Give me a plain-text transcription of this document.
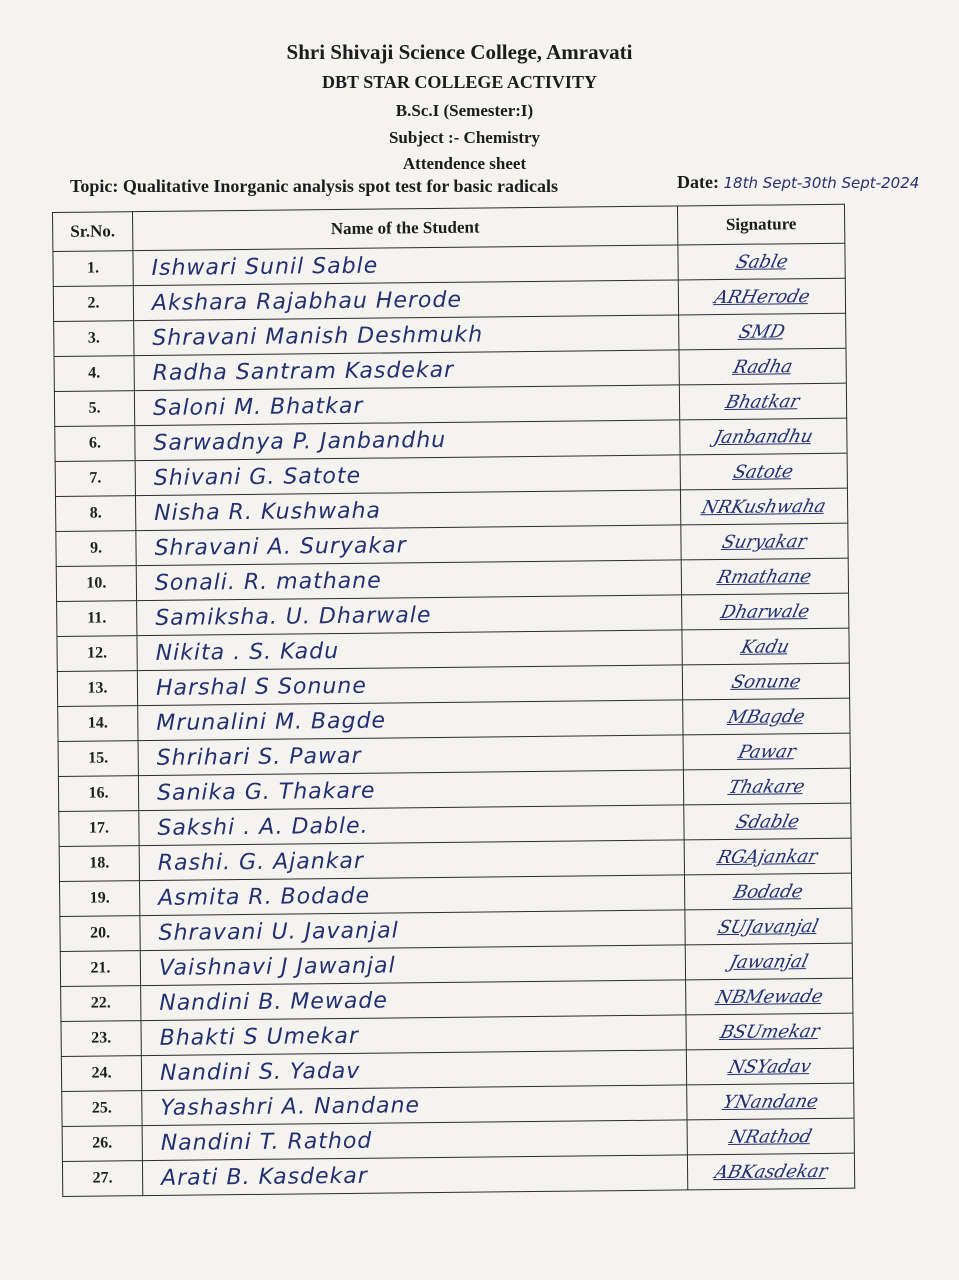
Shri Shivaji Science College, Amravati
DBT STAR COLLEGE ACTIVITY
B.Sc.I (Semester:I)
Subject :- Chemistry
Attendence sheet
Topic: Qualitative Inorganic analysis spot test for basic radicals	Date: 18th Sept-30th Sept-2024
Sr.No.	Name of the Student	Signature
1.	Ishwari Sunil Sable	Sable
2.	Akshara Rajabhau Herode	ARHerode
3.	Shravani Manish Deshmukh	SMD
4.	Radha Santram Kasdekar	Radha
5.	Saloni M. Bhatkar	Bhatkar
6.	Sarwadnya P. Janbandhu	Janbandhu
7.	Shivani G. Satote	Satote
8.	Nisha R. Kushwaha	NRKushwaha
9.	Shravani A. Suryakar	Suryakar
10.	Sonali. R. mathane	Rmathane
11.	Samiksha. U. Dharwale	Dharwale
12.	Nikita . S. Kadu	Kadu
13.	Harshal S Sonune	Sonune
14.	Mrunalini M. Bagde	MBagde
15.	Shrihari S. Pawar	Pawar
16.	Sanika G. Thakare	Thakare
17.	Sakshi . A. Dable.	Sdable
18.	Rashi. G. Ajankar	RGAjankar
19.	Asmita R. Bodade	Bodade
20.	Shravani U. Javanjal	SUJavanjal
21.	Vaishnavi J Jawanjal	Jawanjal
22.	Nandini B. Mewade	NBMewade
23.	Bhakti S Umekar	BSUmekar
24.	Nandini S. Yadav	NSYadav
25.	Yashashri A. Nandane	YNandane
26.	Nandini T. Rathod	NRathod
27.	Arati B. Kasdekar	ABKasdekar
